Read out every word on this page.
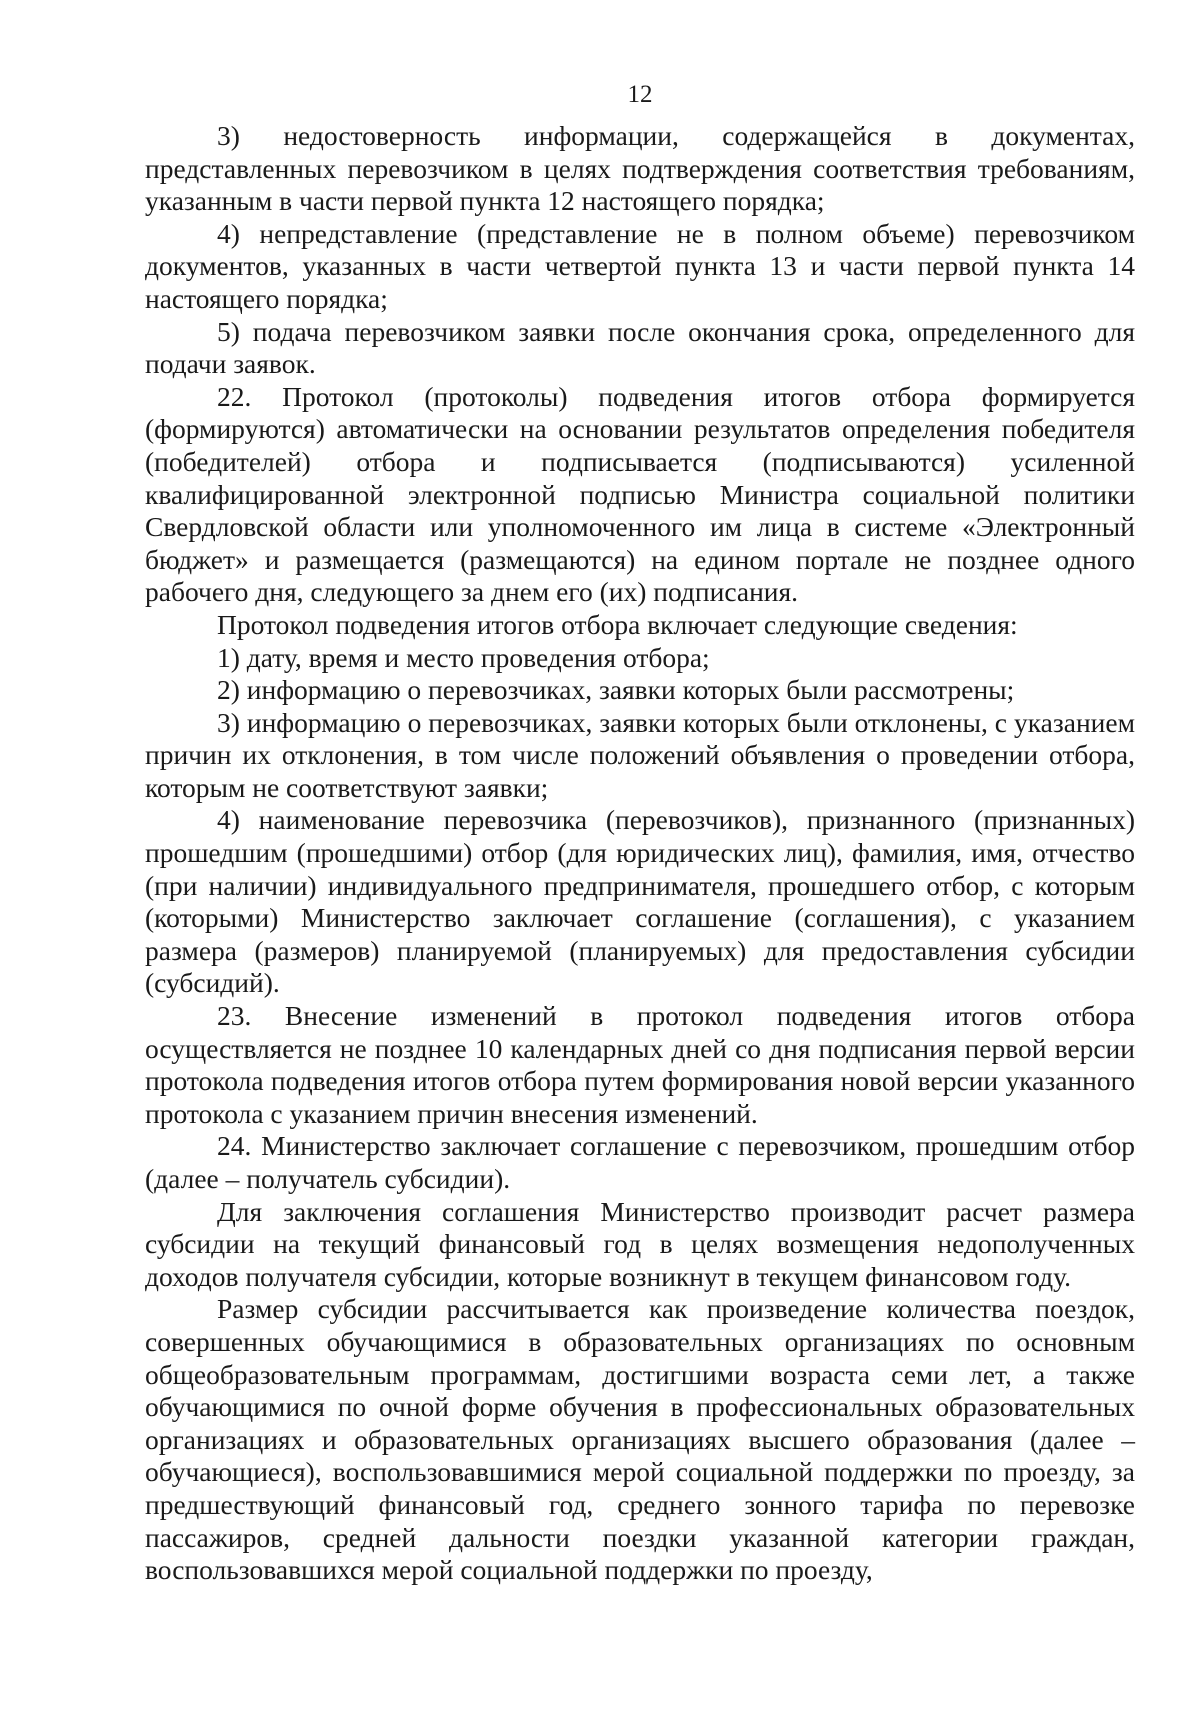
12

3) недостоверность информации, содержащейся в документах, представленных перевозчиком в целях подтверждения соответствия требованиям, указанным в части первой пункта 12 настоящего порядка;

4) непредставление (представление не в полном объеме) перевозчиком документов, указанных в части четвертой пункта 13 и части первой пункта 14 настоящего порядка;

5) подача перевозчиком заявки после окончания срока, определенного для подачи заявок.

22. Протокол (протоколы) подведения итогов отбора формируется (формируются) автоматически на основании результатов определения победителя (победителей) отбора и подписывается (подписываются) усиленной квалифицированной электронной подписью Министра социальной политики Свердловской области или уполномоченного им лица в системе «Электронный бюджет» и размещается (размещаются) на едином портале не позднее одного рабочего дня, следующего за днем его (их) подписания.

Протокол подведения итогов отбора включает следующие сведения:

1) дату, время и место проведения отбора;

2) информацию о перевозчиках, заявки которых были рассмотрены;

3) информацию о перевозчиках, заявки которых были отклонены, с указанием причин их отклонения, в том числе положений объявления о проведении отбора, которым не соответствуют заявки;

4) наименование перевозчика (перевозчиков), признанного (признанных) прошедшим (прошедшими) отбор (для юридических лиц), фамилия, имя, отчество (при наличии) индивидуального предпринимателя, прошедшего отбор, с которым (которыми) Министерство заключает соглашение (соглашения), с указанием размера (размеров) планируемой (планируемых) для предоставления субсидии (субсидий).

23. Внесение изменений в протокол подведения итогов отбора осуществляется не позднее 10 календарных дней со дня подписания первой версии протокола подведения итогов отбора путем формирования новой версии указанного протокола с указанием причин внесения изменений.

24. Министерство заключает соглашение с перевозчиком, прошедшим отбор (далее – получатель субсидии).

Для заключения соглашения Министерство производит расчет размера субсидии на текущий финансовый год в целях возмещения недополученных доходов получателя субсидии, которые возникнут в текущем финансовом году.

Размер субсидии рассчитывается как произведение количества поездок, совершенных обучающимися в образовательных организациях по основным общеобразовательным программам, достигшими возраста семи лет, а также обучающимися по очной форме обучения в профессиональных образовательных организациях и образовательных организациях высшего образования (далее – обучающиеся), воспользовавшимися мерой социальной поддержки по проезду, за предшествующий финансовый год, среднего зонного тарифа по перевозке пассажиров, средней дальности поездки указанной категории граждан, воспользовавшихся мерой социальной поддержки по проезду,
